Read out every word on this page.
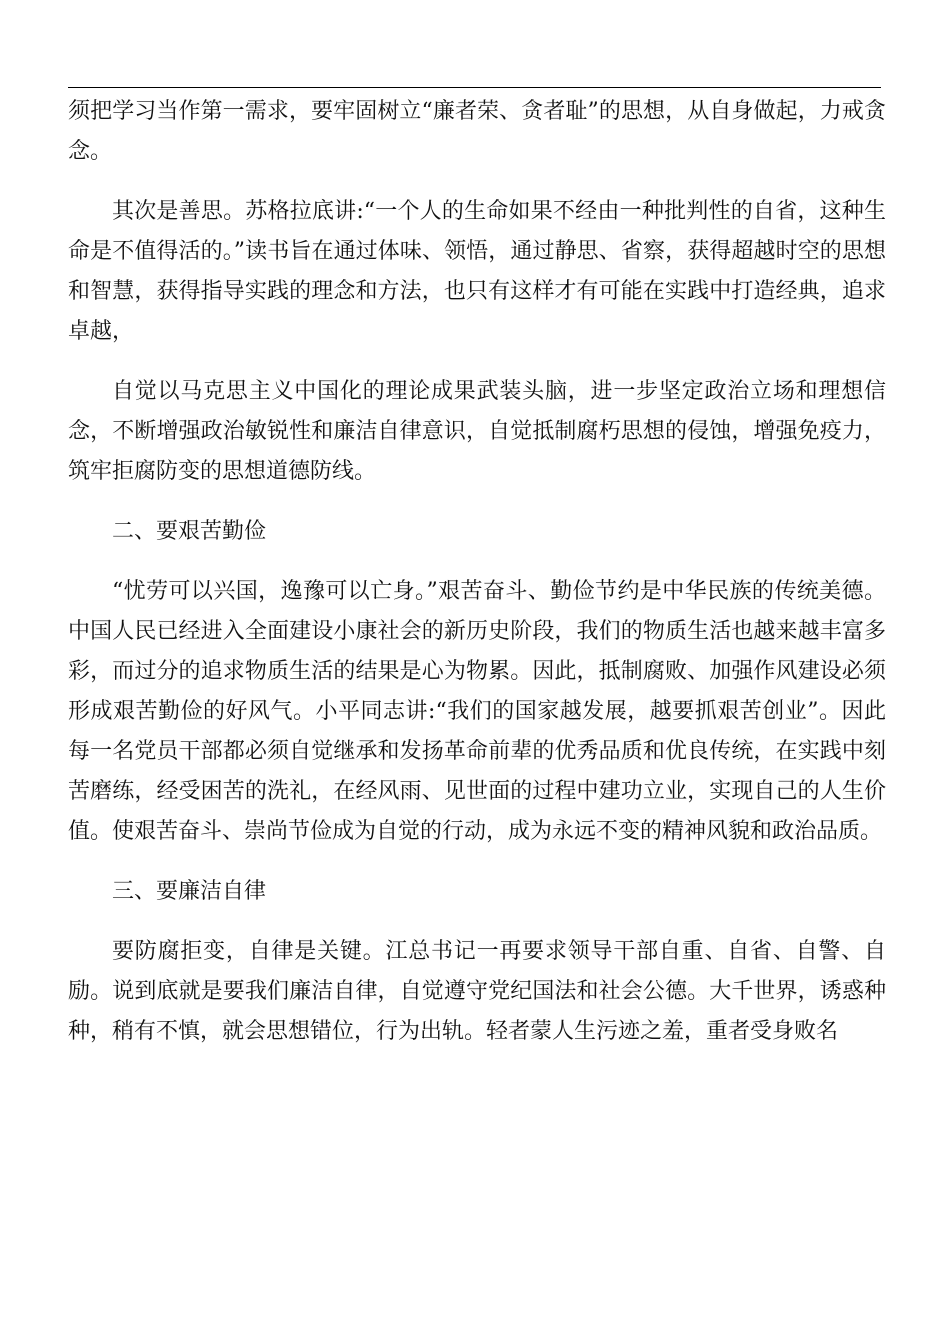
须把学习当作第一需求，要牢固树立“廉者荣、贪者耻”的思想，从自身做起，力戒贪念。

其次是善思。苏格拉底讲:“一个人的生命如果不经由一种批判性的自省，这种生命是不值得活的。”读书旨在通过体味、领悟，通过静思、省察，获得超越时空的思想和智慧，获得指导实践的理念和方法，也只有这样才有可能在实践中打造经典，追求卓越，

自觉以马克思主义中国化的理论成果武装头脑，进一步坚定政治立场和理想信念，不断增强政治敏锐性和廉洁自律意识，自觉抵制腐朽思想的侵蚀，增强免疫力，筑牢拒腐防变的思想道德防线。

二、要艰苦勤俭

“忧劳可以兴国，逸豫可以亡身。”艰苦奋斗、勤俭节约是中华民族的传统美德。中国人民已经进入全面建设小康社会的新历史阶段，我们的物质生活也越来越丰富多彩，而过分的追求物质生活的结果是心为物累。因此，抵制腐败、加强作风建设必须形成艰苦勤俭的好风气。小平同志讲:“我们的国家越发展，越要抓艰苦创业”。因此每一名党员干部都必须自觉继承和发扬革命前辈的优秀品质和优良传统，在实践中刻苦磨练，经受困苦的洗礼，在经风雨、见世面的过程中建功立业，实现自己的人生价值。使艰苦奋斗、崇尚节俭成为自觉的行动，成为永远不变的精神风貌和政治品质。

三、要廉洁自律

要防腐拒变，自律是关键。江总书记一再要求领导干部自重、自省、自警、自励。说到底就是要我们廉洁自律，自觉遵守党纪国法和社会公德。大千世界，诱惑种种，稍有不慎，就会思想错位，行为出轨。轻者蒙人生污迹之羞，重者受身败名
